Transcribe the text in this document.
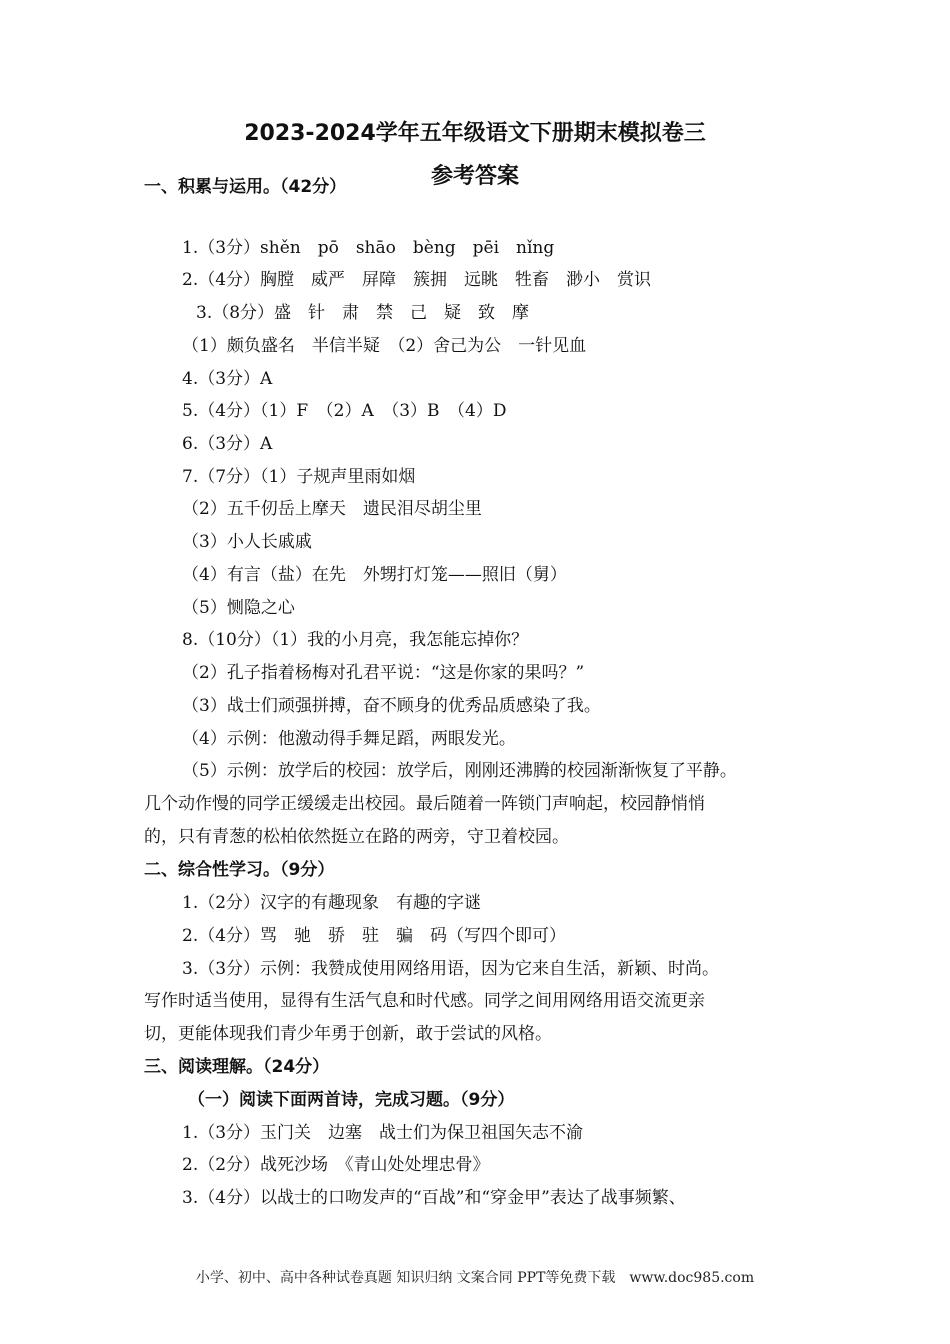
2023-2024学年五年级语文下册期末模拟卷三
参考答案
一、积累与运用。（42分）
1.（3分）shěn　pō　shāo　bèng　pēi　nǐng
2.（4分）胸膛　威严　屏障　簇拥　远眺　牲畜　渺小　赏识
3.（8分）盛　针　肃　禁　己　疑　致　摩
（1）颇负盛名　半信半疑　（2）舍己为公　一针见血
4.（3分）A
5.（4分）（1）F　（2）A　（3）B　（4）D
6.（3分）A
7.（7分）（1）子规声里雨如烟
（2）五千仞岳上摩天　遗民泪尽胡尘里
（3）小人长戚戚
（4）有言（盐）在先　外甥打灯笼——照旧（舅）
（5）恻隐之心
8.（10分）（1）我的小月亮，我怎能忘掉你？
（2）孔子指着杨梅对孔君平说：“这是你家的果吗？”
（3）战士们顽强拼搏，奋不顾身的优秀品质感染了我。
（4）示例：他激动得手舞足蹈，两眼发光。
（5）示例：放学后的校园：放学后，刚刚还沸腾的校园渐渐恢复了平静。
几个动作慢的同学正缓缓走出校园。最后随着一阵锁门声响起，校园静悄悄
的，只有青葱的松柏依然挺立在路的两旁，守卫着校园。
二、综合性学习。（9分）
1.（2分）汉字的有趣现象　有趣的字谜
2.（4分）骂　驰　骄　驻　骗　码（写四个即可）
3.（3分）示例：我赞成使用网络用语，因为它来自生活，新颖、时尚。
写作时适当使用，显得有生活气息和时代感。同学之间用网络用语交流更亲
切，更能体现我们青少年勇于创新，敢于尝试的风格。
三、阅读理解。（24分）
（一）阅读下面两首诗，完成习题。（9分）
1.（3分）玉门关　边塞　战士们为保卫祖国矢志不渝
2.（2分）战死沙场　《青山处处埋忠骨》
3.（4分）以战士的口吻发声的“百战”和“穿金甲”表达了战事频繁、
小学、初中、高中各种试卷真题 知识归纳 文案合同 PPT等免费下载　www.doc985.com
